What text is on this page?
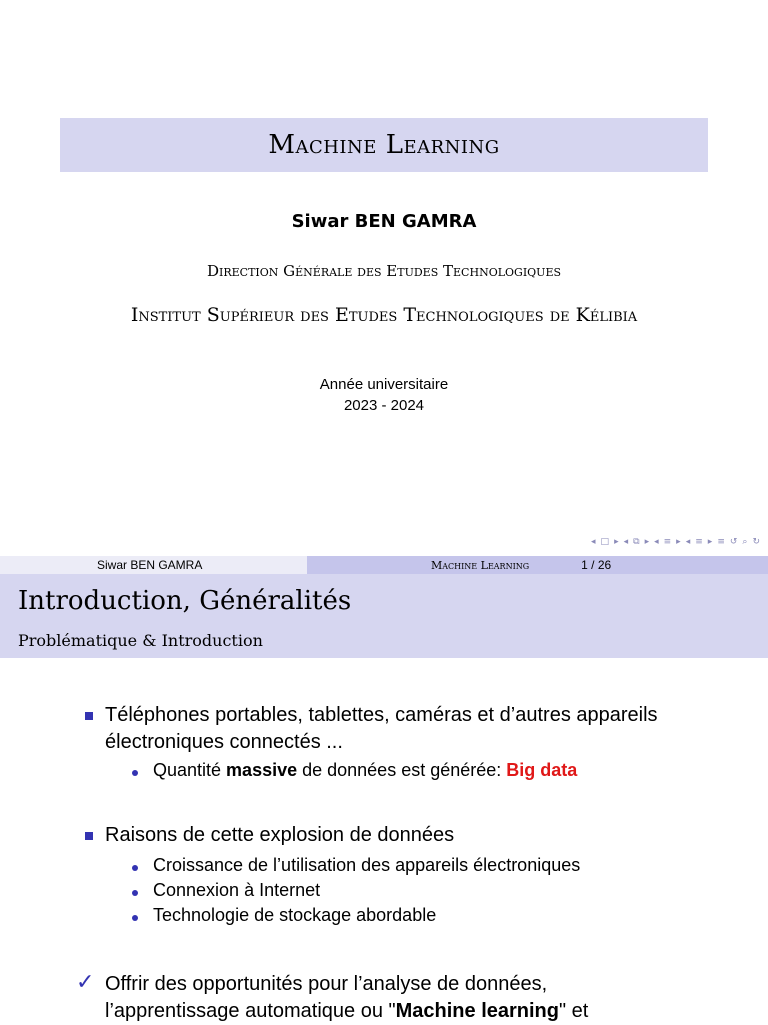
Machine Learning
Siwar BEN GAMRA
Direction Générale des Etudes Technologiques
Institut Supérieur des Etudes Technologiques de Kélibia
Année universitaire
2023 - 2024
◂ □ ▸ ◂ ⧉ ▸ ◂ ≡ ▸ ◂ ≡ ▸ ≡ ↺ ⌕ ↻
Siwar BEN GAMRA	Machine Learning	1 / 26
Introduction, Généralités
Problématique & Introduction
Téléphones portables, tablettes, caméras et d’autres appareils
électroniques connectés ...
Quantité massive de données est générée: Big data
Raisons de cette explosion de données
Croissance de l’utilisation des appareils électroniques
Connexion à Internet
Technologie de stockage abordable
✓ Offrir des opportunités pour l’analyse de données,
l’apprentissage automatique ou "Machine learning" et
